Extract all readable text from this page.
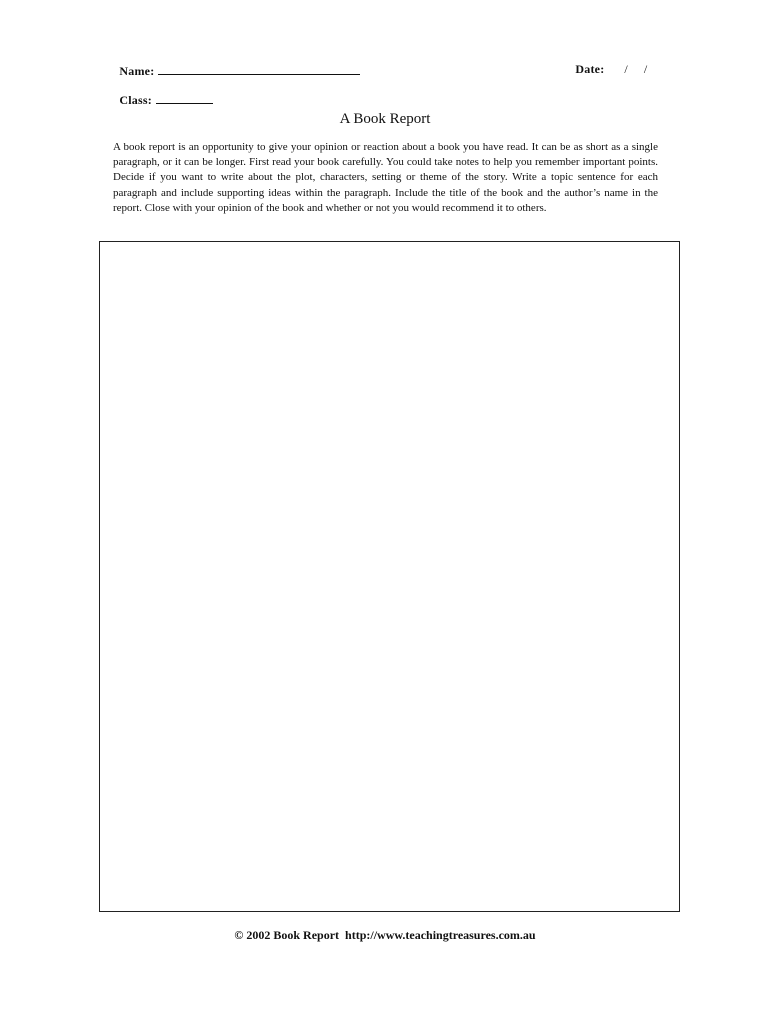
Name:	Date: /     /

Class:

A Book Report

A book report is an opportunity to give your opinion or reaction about a book you have read. It can be as short as a single paragraph, or it can be longer. First read your book carefully. You could take notes to help you remember important points. Decide if you want to write about the plot, characters, setting or theme of the story. Write a topic sentence for each paragraph and include supporting ideas within the paragraph. Include the title of the book and the author’s name in the report. Close with your opinion of the book and whether or not you would recommend it to others.

© 2002 Book Report  http://www.teachingtreasures.com.au
